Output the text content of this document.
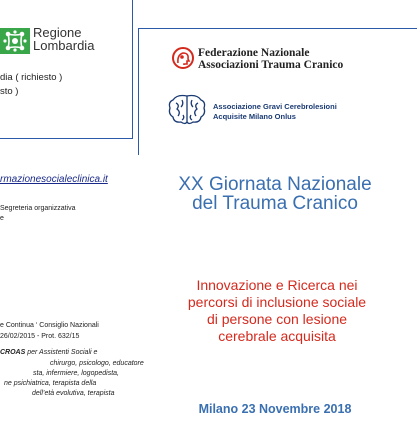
Regione
Lombardia
dia ( richiesto )
sto )
Federazione Nazionale
Associazioni Trauma Cranico
Associazione Gravi Cerebrolesioni
Acquisite Milano Onlus
rmazionesocialeclinica.it
Segreteria organizzativa
e
e Continua ‘ Consiglio Nazionali
26/02/2015 - Prot. 632/15
CROAS per Assistenti Sociali e
chirurgo, psicologo, educatore
sta, infermiere, logopedista,
ne psichiatrica, terapista della
dell’età evolutiva, terapista
XX Giornata Nazionale
del Trauma Cranico
Innovazione e Ricerca nei
percorsi di inclusione sociale
di persone con lesione
cerebrale acquisita
Milano 23 Novembre 2018
